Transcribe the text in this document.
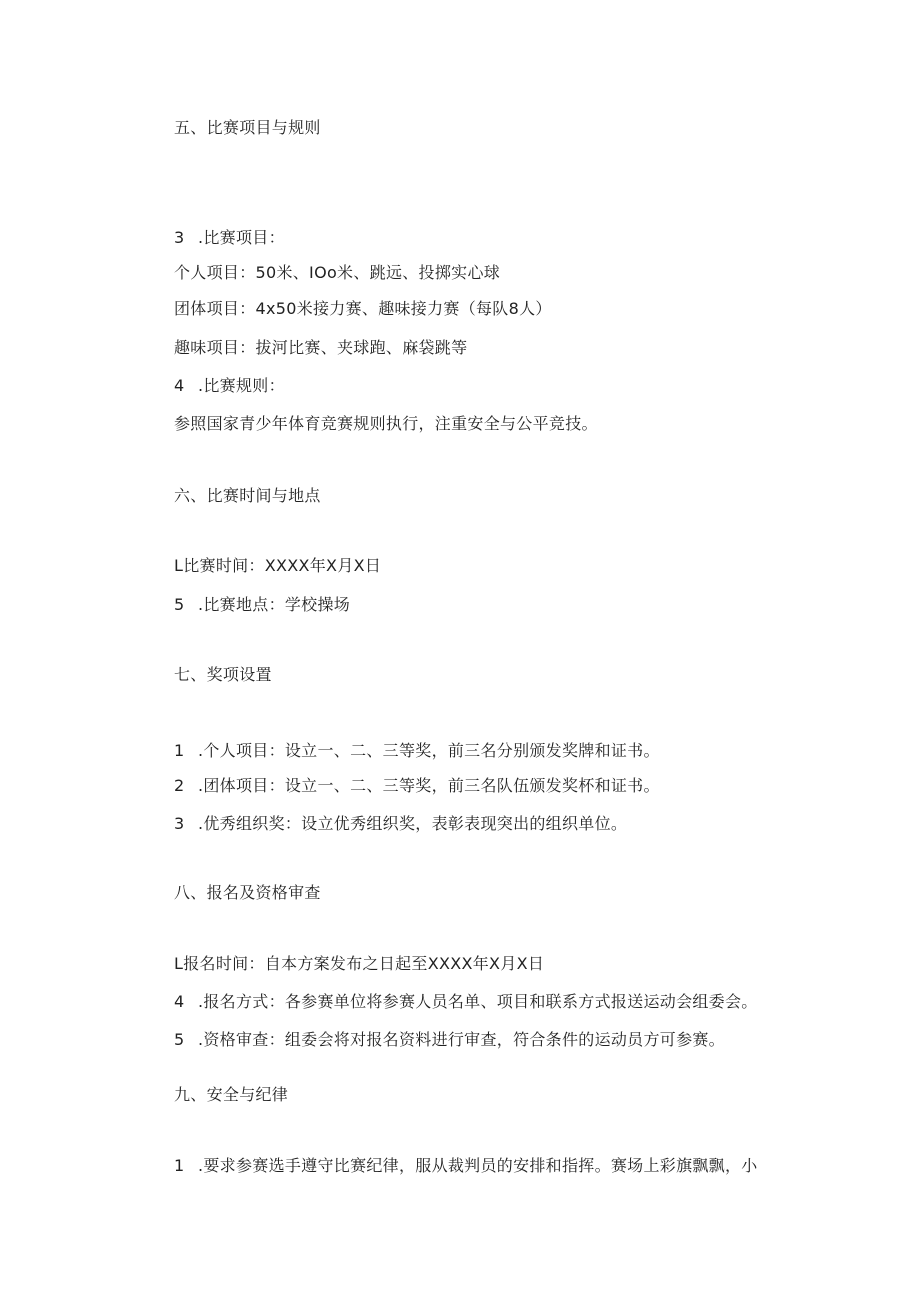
五、比赛项目与规则
3 .比赛项目：
个人项目：50米、IOo米、跳远、投掷实心球
团体项目：4x50米接力赛、趣味接力赛（每队8人）
趣味项目：拔河比赛、夹球跑、麻袋跳等
4 .比赛规则：
参照国家青少年体育竞赛规则执行，注重安全与公平竞技。
六、比赛时间与地点
L比赛时间：XXXX年X月X日
5 .比赛地点：学校操场
七、奖项设置
1 .个人项目：设立一、二、三等奖，前三名分别颁发奖牌和证书。
2 .团体项目：设立一、二、三等奖，前三名队伍颁发奖杯和证书。
3 .优秀组织奖：设立优秀组织奖，表彰表现突出的组织单位。
八、报名及资格审查
L报名时间：自本方案发布之日起至XXXX年X月X日
4 .报名方式：各参赛单位将参赛人员名单、项目和联系方式报送运动会组委会。
5 .资格审查：组委会将对报名资料进行审查，符合条件的运动员方可参赛。
九、安全与纪律
1 .要求参赛选手遵守比赛纪律，服从裁判员的安排和指挥。赛场上彩旗飘飘，小
